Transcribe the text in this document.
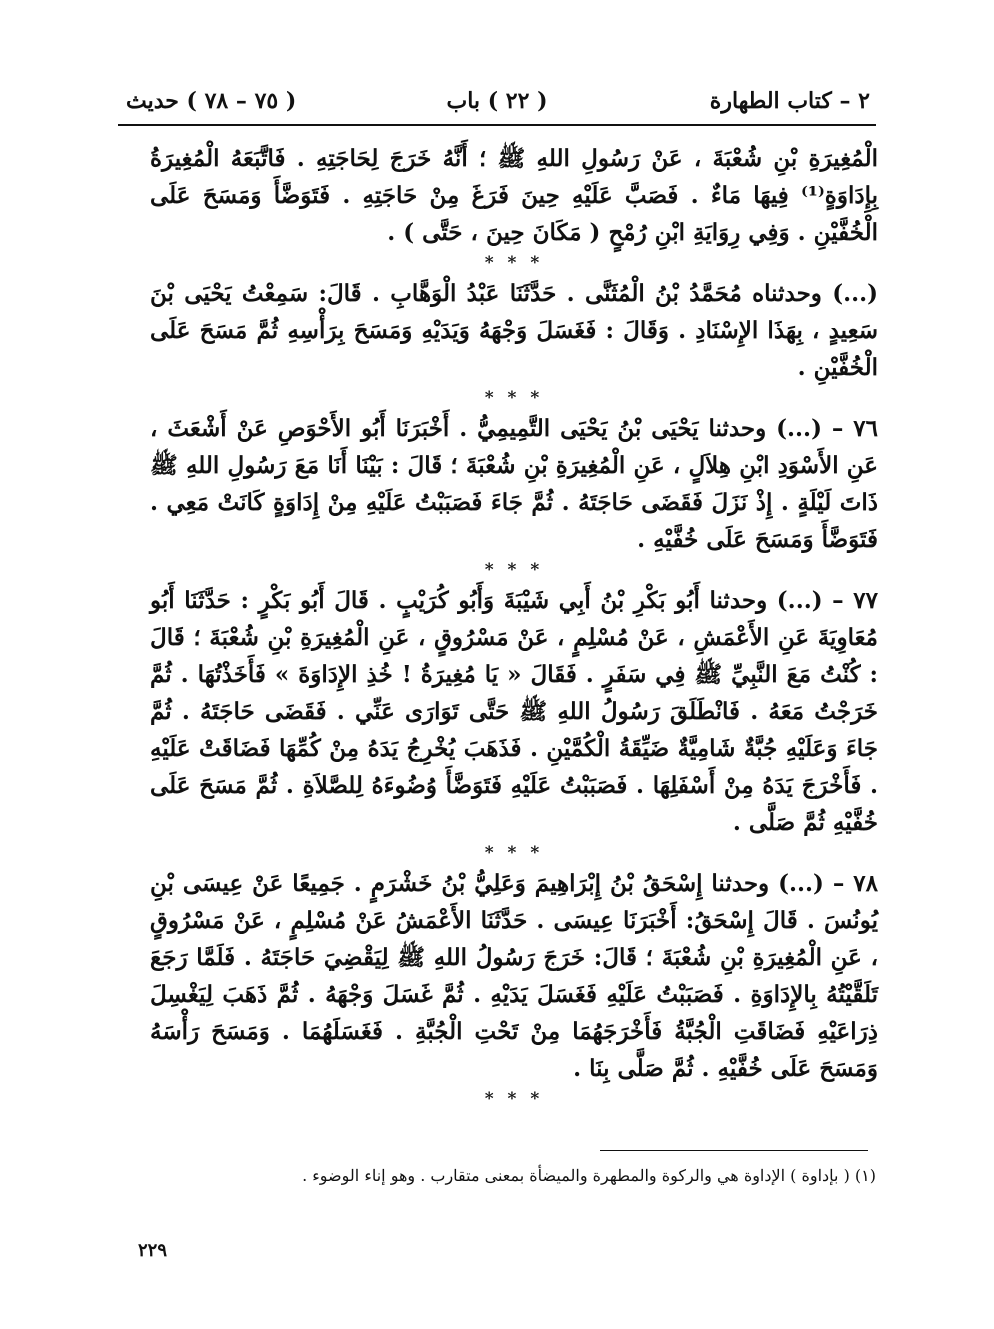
٢ – كتاب الطهارة
( ٢٢ ) باب
( ٧٥ – ٧٨ ) حديث

الْمُغِيرَةِ بْنِ شُعْبَةَ ، عَنْ رَسُولِ اللهِ ﷺ ؛ أَنَّهُ خَرَجَ لِحَاجَتِهِ . فَاتَّبَعَهُ الْمُغِيرَةُ بِإِدَاوَةٍ⁽¹⁾ فِيهَا مَاءٌ . فَصَبَّ عَلَيْهِ حِينَ فَرَغَ مِنْ حَاجَتِهِ . فَتَوَضَّأَ وَمَسَحَ عَلَى الْخُفَّيْنِ . وَفِي رِوَايَةِ ابْنِ رُمْحٍ ( مَكَانَ حِينَ ، حَتَّى ) .

* * *

(...) وحدثناه مُحَمَّدُ بْنُ الْمُثَنَّى . حَدَّثَنَا عَبْدُ الْوَهَّابِ . قَالَ: سَمِعْتُ يَحْيَى بْنَ سَعِيدٍ ، بِهَذَا الإِسْنَادِ . وَقَالَ : فَغَسَلَ وَجْهَهُ وَيَدَيْهِ وَمَسَحَ بِرَأْسِهِ ثُمَّ مَسَحَ عَلَى الْخُفَّيْنِ .

* * *

٧٦ – (...) وحدثنا يَحْيَى بْنُ يَحْيَى التَّمِيمِيُّ . أَخْبَرَنَا أَبُو الأَحْوَصِ عَنْ أَشْعَثَ ، عَنِ الأَسْوَدِ ابْنِ هِلاَلٍ ، عَنِ الْمُغِيرَةِ بْنِ شُعْبَةَ ؛ قَالَ : بَيْنَا أَنَا مَعَ رَسُولِ اللهِ ﷺ ذَاتَ لَيْلَةٍ . إِذْ نَزَلَ فَقَضَى حَاجَتَهُ . ثُمَّ جَاءَ فَصَبَبْتُ عَلَيْهِ مِنْ إِدَاوَةٍ كَانَتْ مَعِي . فَتَوَضَّأَ وَمَسَحَ عَلَى خُفَّيْهِ .

* * *

٧٧ – (...) وحدثنا أَبُو بَكْرِ بْنُ أَبِي شَيْبَةَ وَأَبُو كُرَيْبٍ . قَالَ أَبُو بَكْرٍ : حَدَّثَنَا أَبُو مُعَاوِيَةَ عَنِ الأَعْمَشِ ، عَنْ مُسْلِمٍ ، عَنْ مَسْرُوقٍ ، عَنِ الْمُغِيرَةِ بْنِ شُعْبَةَ ؛ قَالَ : كُنْتُ مَعَ النَّبِيِّ ﷺ فِي سَفَرٍ . فَقَالَ « يَا مُغِيرَةُ ! خُذِ الإِدَاوَةَ » فَأَخَذْتُهَا . ثُمَّ خَرَجْتُ مَعَهُ . فَانْطَلَقَ رَسُولُ اللهِ ﷺ حَتَّى تَوَارَى عَنِّي . فَقَضَى حَاجَتَهُ . ثُمَّ جَاءَ وَعَلَيْهِ جُبَّةٌ شَامِيَّةٌ ضَيِّقَةُ الْكُمَّيْنِ . فَذَهَبَ يُخْرِجُ يَدَهُ مِنْ كُمِّهَا فَضَاقَتْ عَلَيْهِ . فَأَخْرَجَ يَدَهُ مِنْ أَسْفَلِهَا . فَصَبَبْتُ عَلَيْهِ فَتَوَضَّأَ وُضُوءَهُ لِلصَّلاَةِ . ثُمَّ مَسَحَ عَلَى خُفَّيْهِ ثُمَّ صَلَّى .

* * *

٧٨ – (...) وحدثنا إِسْحَقُ بْنُ إِبْرَاهِيمَ وَعَلِيُّ بْنُ خَشْرَمٍ . جَمِيعًا عَنْ عِيسَى بْنِ يُونُسَ . قَالَ إِسْحَقُ: أَخْبَرَنَا عِيسَى . حَدَّثَنَا الأَعْمَشُ عَنْ مُسْلِمٍ ، عَنْ مَسْرُوقٍ ، عَنِ الْمُغِيرَةِ بْنِ شُعْبَةَ ؛ قَالَ: خَرَجَ رَسُولُ اللهِ ﷺ لِيَقْضِيَ حَاجَتَهُ . فَلَمَّا رَجَعَ تَلَقَّيْتُهُ بِالإِدَاوَةِ . فَصَبَبْتُ عَلَيْهِ فَغَسَلَ يَدَيْهِ . ثُمَّ غَسَلَ وَجْهَهُ . ثُمَّ ذَهَبَ لِيَغْسِلَ ذِرَاعَيْهِ فَضَاقَتِ الْجُبَّةُ فَأَخْرَجَهُمَا مِنْ تَحْتِ الْجُبَّةِ . فَغَسَلَهُمَا . وَمَسَحَ رَأْسَهُ وَمَسَحَ عَلَى خُفَّيْهِ . ثُمَّ صَلَّى بِنَا .

* * *

(١) ( بإداوة ) الإداوة هي والركوة والمطهرة والميضأة بمعنى متقارب . وهو إناء الوضوء .
٢٢٩
